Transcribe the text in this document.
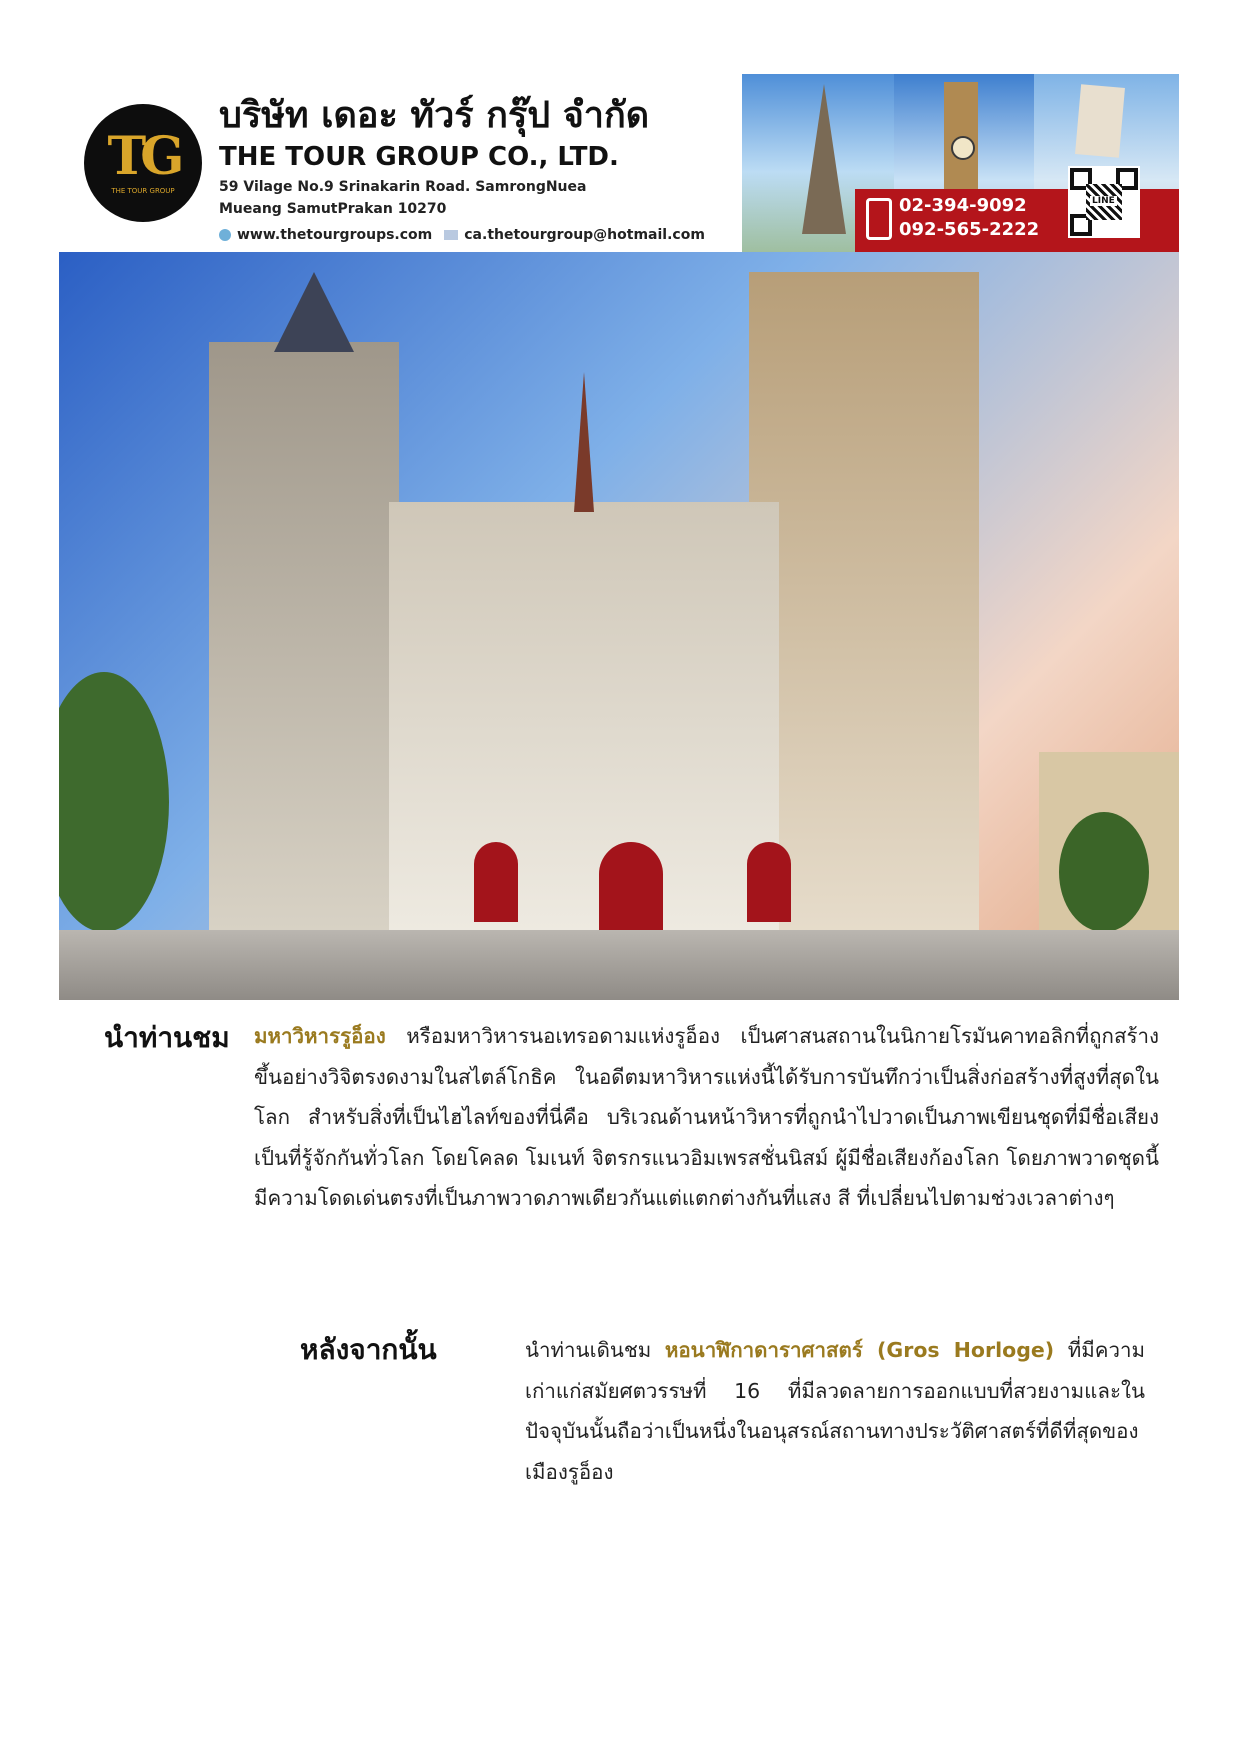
TG
THE TOUR GROUP
บริษัท เดอะ ทัวร์ กรุ๊ป จำกัด
THE TOUR GROUP CO., LTD.
59 Vilage No.9 Srinakarin Road. SamrongNuea
Mueang SamutPrakan 10270
www.thetourgroups.com ca.thetourgroup@hotmail.com
02-394-9092
092-565-2222
LINE
นำท่านชม มหาวิหารรูอ็อง หรือมหาวิหารนอเทรอดามแห่งรูอ็อง เป็นศาสนสถานในนิกายโรมันคาทอลิกที่ถูกสร้างขึ้นอย่างวิจิตรงดงามในสไตล์โกธิค ในอดีตมหาวิหารแห่งนี้ได้รับการบันทึกว่าเป็นสิ่งก่อสร้างที่สูงที่สุดในโลก สำหรับสิ่งที่เป็นไฮไลท์ของที่นี่คือ บริเวณด้านหน้าวิหารที่ถูกนำไปวาดเป็นภาพเขียนชุดที่มีชื่อเสียงเป็นที่รู้จักกันทั่วโลก โดยโคลด โมเนท์ จิตรกรแนวอิมเพรสชั่นนิสม์ ผู้มีชื่อเสียงก้องโลก โดยภาพวาดชุดนี้มีความโดดเด่นตรงที่เป็นภาพวาดภาพเดียวกันแต่แตกต่างกันที่แสง สี ที่เปลี่ยนไปตามช่วงเวลาต่างๆ
หลังจากนั้น	นำท่านเดินชม หอนาฬิกาดาราศาสตร์ (Gros Horloge) ที่มีความเก่าแก่สมัยศตวรรษที่ 16 ที่มีลวดลายการออกแบบที่สวยงามและในปัจจุบันนั้นถือว่าเป็นหนึ่งในอนุสรณ์สถานทางประวัติศาสตร์ที่ดีที่สุดของเมืองรูอ็อง
